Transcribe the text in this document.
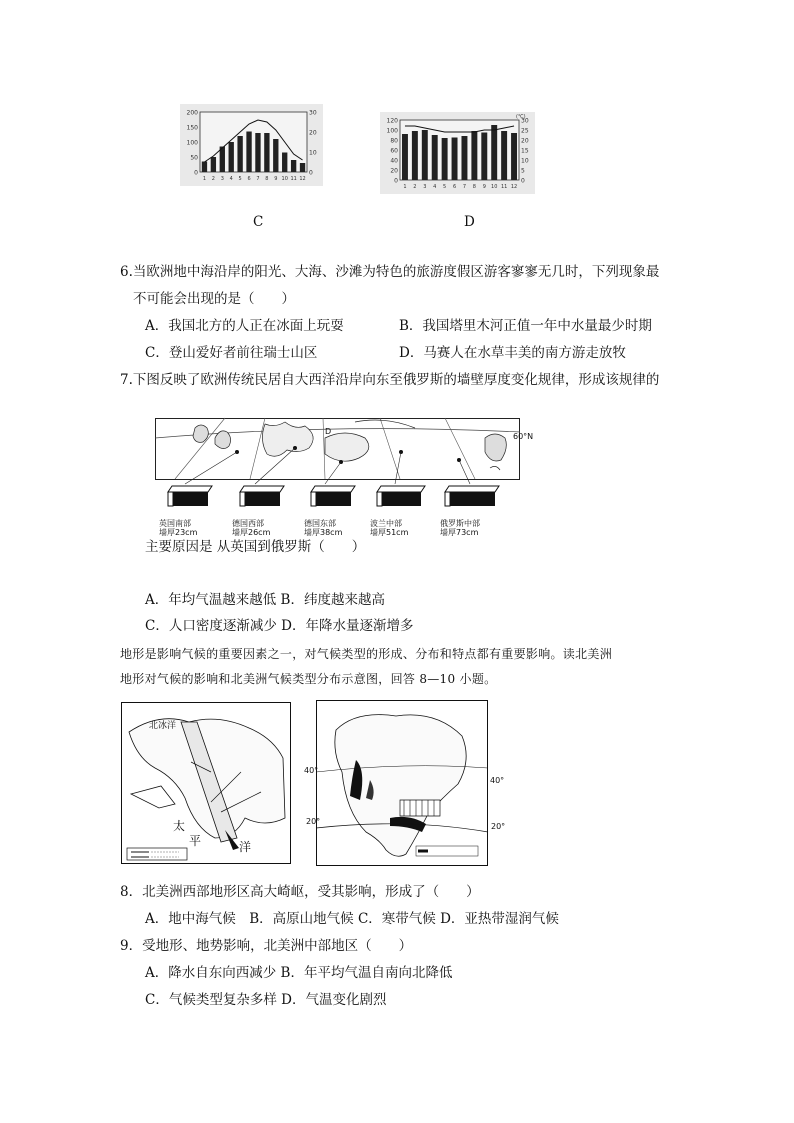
200
150
100
50
0
30
20
10
0
1 2 3 4 5 6 7 8 9 10 11 12
C
120
100
80
60
40
20
0
30
25
20
15
10
5
0
1 2 3 4 5 6 7 8 9 10 11 12
(℃)
D
6.当欧洲地中海沿岸的阳光、大海、沙滩为特色的旅游度假区游客寥寥无几时，下列现象最
不可能会出现的是（　　）
A．我国北方的人正在冰面上玩耍	B．我国塔里木河正值一年中水量最少时期
C．登山爱好者前往瑞士山区	D．马赛人在水草丰美的南方游走放牧
7.下图反映了欧洲传统民居自大西洋沿岸向东至俄罗斯的墙壁厚度变化规律，形成该规律的
60°N
D
英国南部
墙厚23cm
德国西部
墙厚26cm
德国东部
墙厚38cm
波兰中部
墙厚51cm
俄罗斯中部
墙厚73cm
主要原因是 从英国到俄罗斯（　　）
A．年均气温越来越低 B．纬度越来越高
C．人口密度逐渐减少 D．年降水量逐渐增多
地形是影响气候的重要因素之一，对气候类型的形成、分布和特点都有重要影响。读北美洲
地形对气候的影响和北美洲气候类型分布示意图，回答 8—10 小题。
北冰洋
太
平	洋
40°
40°
20°
20°
8．北美洲西部地形区高大崎岖，受其影响，形成了（　　）
A．地中海气候　B．高原山地气候 C．寒带气候 D．亚热带湿润气候
9．受地形、地势影响，北美洲中部地区（　　）
A．降水自东向西减少 B．年平均气温自南向北降低
C．气候类型复杂多样 D．气温变化剧烈
